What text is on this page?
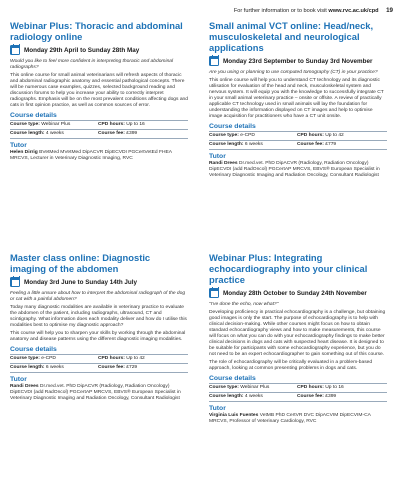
For further information or to book visit www.rvc.ac.uk/cpd 19
Webinar Plus: Thoracic and abdominal radiology online
Monday 29th April to Sunday 28th May
Would you like to feel more confident in interpreting thoracic and abdominal radiographs?
This online course for small animal veterinarians will refresh aspects of thoracic and abdominal radiographic anatomy and essential pathological concepts. There will be numerous case examples, quizzes, selected background reading and discussion forums to help you increase your ability to correctly interpret radiographs. Emphasis will be on the most prevalent conditions affecting dogs and cats in first opinion practice, as well as common sources of error.
Course details
Course type: Webinar Plus	CPD hours: Up to 16
Course length: 4 weeks	Course fee: £399
Tutor
Helen Dirrig BVetMed MVetMed DipACVR DipECVDI PGCertVetEd FHEA MRCVS, Lecturer in Veterinary Diagnostic Imaging, RVC
Small animal VCT online: Head/neck, musculoskeletal and neurological applications
Monday 23rd September to Sunday 3rd November
Are you using or planning to use computed tomography (CT) in your practice?
This online course will help you to understand CT technology and its diagnostic utilisation for evaluation of the head and neck, musculoskeletal system and nervous system. It will equip you with the knowledge to successfully integrate CT in your small animal veterinary practice – onsite or offsite. A review of practically applicable CT technology used in small animals will lay the foundation for understanding the information displayed on CT images and help to optimise image acquisition for practitioners who have a CT unit onsite.
Course details
Course type: e-CPD	CPD hours: Up to 42
Course length: 6 weeks	Course fee: £779
Tutor
Randi Drees Dr.med.vet. PhD DipACVR (Radiology, Radiation Oncology) DipECVDI (add RadOncol) PGCertAP MRCVS, EBVS® European Specialist in Veterinary Diagnostic Imaging and Radiation Oncology, Consultant Radiologist
Master class online: Diagnostic imaging of the abdomen
Monday 3rd June to Sunday 14th July
Feeling a little unsure about how to interpret the abdominal radiograph of the dog or cat with a painful abdomen?
Today many diagnostic modalities are available in veterinary practice to evaluate the abdomen of the patient, including radiographs, ultrasound, CT and scintigraphy. What information does each modality deliver and how do I utilise this modalities best to optimise my diagnostic approach?
This course will help you to sharpen your skills by working through the abdominal anatomy and disease patterns using the different diagnostic imaging modalities.
Course details
Course type: e-CPD	CPD hours: Up to 42
Course length: 6 weeks	Course fee: £729
Tutor
Randi Drees Dr.med.vet. PhD DipACVR (Radiology, Radiation Oncology) DipECVDI (add RadOncol) PGCertAP MRCVS, EBVS® European Specialist in Veterinary Diagnostic Imaging and Radiation Oncology, Consultant Radiologist
Webinar Plus: Integrating echocardiography into your clinical practice
Monday 28th October to Sunday 24th November
"I've done the echo, now what?"
Developing proficiency in practical echocardiography is a challenge, but obtaining good images is only the start. The purpose of echocardiography is to help with clinical decision-making. While other courses might focus on how to obtain standard echocardiography views and how to make measurements, this course will focus on what you can do with your echocardiography findings to make better clinical decisions in dogs and cats with suspected heart disease. It is designed to be suitable for participants with some echocardiography experience, but you do not need to be an expert echocardiographer to gain something out of this course.
The role of echocardiography will be critically evaluated in a problem-based approach, looking at common presenting problems in dogs and cats.
Course details
Course type: Webinar Plus	CPD hours: Up to 16
Course length: 4 weeks	Course fee: £399
Tutor
Virginia Luis Fuentes VetMB PhD CertVR DVC DipACVIM DipECVIM-CA MRCVS, Professor of Veterinary Cardiology, RVC
